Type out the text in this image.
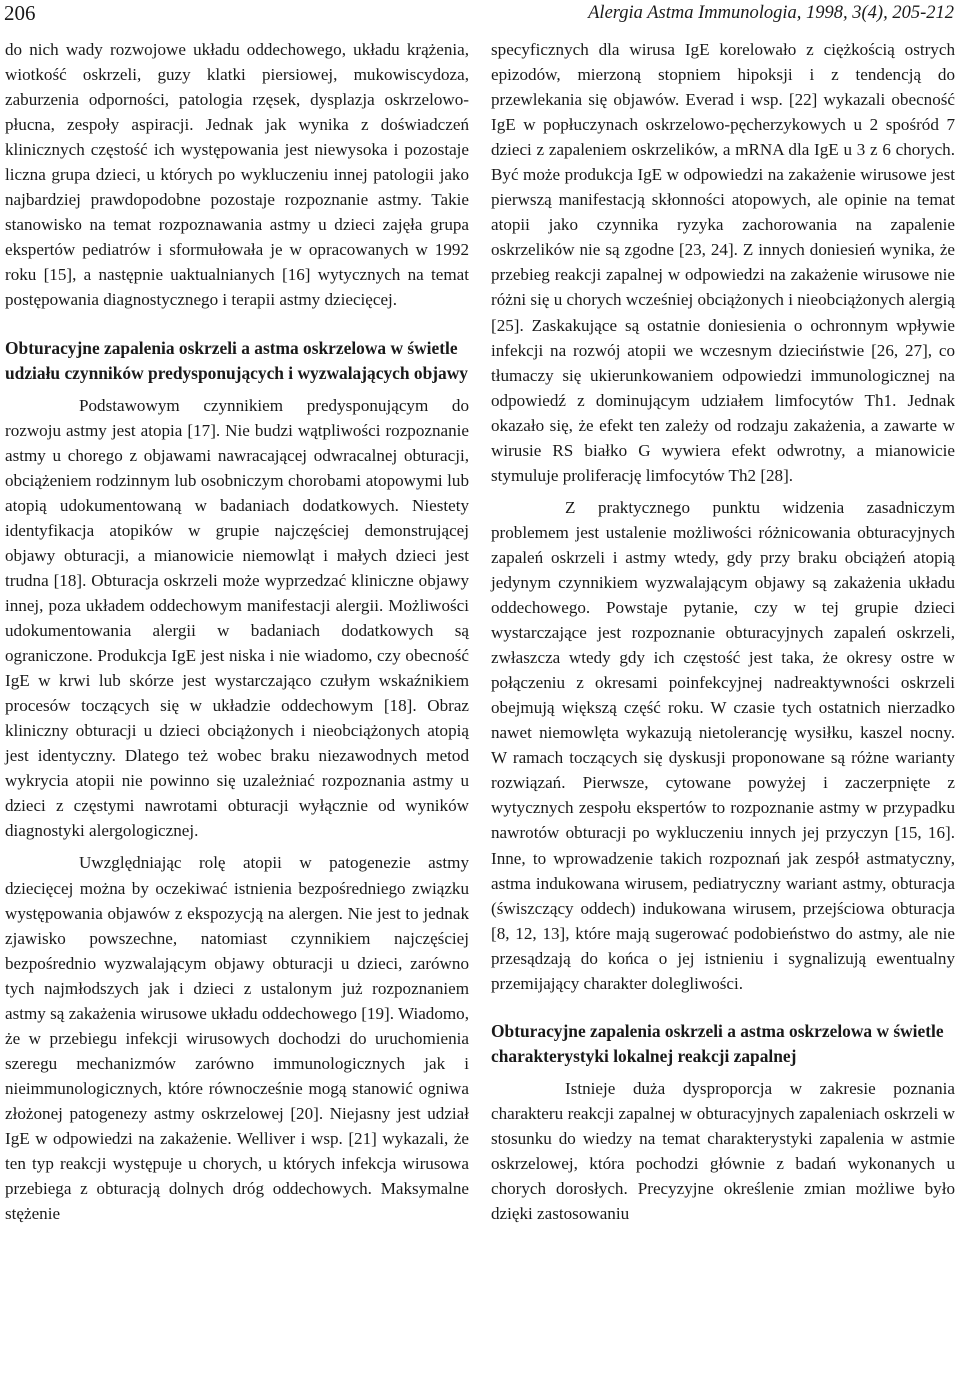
206	Alergia Astma Immunologia, 1998, 3(4), 205-212

do nich wady rozwojowe układu oddechowego, układu krążenia, wiotkość oskrzeli, guzy klatki piersiowej, mukowiscydoza, zaburzenia odporności, patologia rzęsek, dysplazja oskrzelowo-płucna, zespoły aspiracji. Jednak jak wynika z doświadczeń klinicznych częstość ich występowania jest niewysoka i pozostaje liczna grupa dzieci, u których po wykluczeniu innej patologii jako najbardziej prawdopodobne pozostaje rozpoznanie astmy. Takie stanowisko na temat rozpoznawania astmy u dzieci zajęła grupa ekspertów pediatrów i sformułowała je w opracowanych w 1992 roku [15], a następnie uaktualnianych [16] wytycznych na temat postępowania diagnostycznego i terapii astmy dziecięcej.

Obturacyjne zapalenia oskrzeli a astma oskrzelowa w świetle udziału czynników predysponujących i wyzwalających objawy

Podstawowym czynnikiem predysponującym do rozwoju astmy jest atopia [17]. Nie budzi wątpliwości rozpoznanie astmy u chorego z objawami nawracającej odwracalnej obturacji, obciążeniem rodzinnym lub osobniczym chorobami atopowymi lub atopią udokumentowaną w badaniach dodatkowych. Niestety identyfikacja atopików w grupie najczęściej demonstrującej objawy obturacji, a mianowicie niemowląt i małych dzieci jest trudna [18]. Obturacja oskrzeli może wyprzedzać kliniczne objawy innej, poza układem oddechowym manifestacji alergii. Możliwości udokumentowania alergii w badaniach dodatkowych są ograniczone. Produkcja IgE jest niska i nie wiadomo, czy obecność IgE w krwi lub skórze jest wystarczająco czułym wskaźnikiem procesów toczących się w układzie oddechowym [18]. Obraz kliniczny obturacji u dzieci obciążonych i nieobciążonych atopią jest identyczny. Dlatego też wobec braku niezawodnych metod wykrycia atopii nie powinno się uzależniać rozpoznania astmy u dzieci z częstymi nawrotami obturacji wyłącznie od wyników diagnostyki alergologicznej.

Uwzględniając rolę atopii w patogenezie astmy dziecięcej można by oczekiwać istnienia bezpośredniego związku występowania objawów z ekspozycją na alergen. Nie jest to jednak zjawisko powszechne, natomiast czynnikiem najczęściej bezpośrednio wyzwalającym objawy obturacji u dzieci, zarówno tych najmłodszych jak i dzieci z ustalonym już rozpoznaniem astmy są zakażenia wirusowe układu oddechowego [19]. Wiadomo, że w przebiegu infekcji wirusowych dochodzi do uruchomienia szeregu mechanizmów zarówno immunologicznych jak i nieimmunologicznych, które równocześnie mogą stanowić ogniwa złożonej patogenezy astmy oskrzelowej [20]. Niejasny jest udział IgE w odpowiedzi na zakażenie. Welliver i wsp. [21] wykazali, że ten typ reakcji występuje u chorych, u których infekcja wirusowa przebiega z obturacją dolnych dróg oddechowych. Maksymalne stężenie

specyficznych dla wirusa IgE korelowało z ciężkością ostrych epizodów, mierzoną stopniem hipoksji i z tendencją do przewlekania się objawów. Everad i wsp. [22] wykazali obecność IgE w popłuczynach oskrzelowo-pęcherzykowych u 2 spośród 7 dzieci z zapaleniem oskrzelików, a mRNA dla IgE u 3 z 6 chorych. Być może produkcja IgE w odpowiedzi na zakażenie wirusowe jest pierwszą manifestacją skłonności atopowych, ale opinie na temat atopii jako czynnika ryzyka zachorowania na zapalenie oskrzelików nie są zgodne [23, 24]. Z innych doniesień wynika, że przebieg reakcji zapalnej w odpowiedzi na zakażenie wirusowe nie różni się u chorych wcześniej obciążonych i nieobciążonych alergią [25]. Zaskakujące są ostatnie doniesienia o ochronnym wpływie infekcji na rozwój atopii we wczesnym dzieciństwie [26, 27], co tłumaczy się ukierunkowaniem odpowiedzi immunologicznej na odpowiedź z dominującym udziałem limfocytów Th1. Jednak okazało się, że efekt ten zależy od rodzaju zakażenia, a zawarte w wirusie RS białko G wywiera efekt odwrotny, a mianowicie stymuluje proliferację limfocytów Th2 [28].

Z praktycznego punktu widzenia zasadniczym problemem jest ustalenie możliwości różnicowania obturacyjnych zapaleń oskrzeli i astmy wtedy, gdy przy braku obciążeń atopią jedynym czynnikiem wyzwalającym objawy są zakażenia układu oddechowego. Powstaje pytanie, czy w tej grupie dzieci wystarczające jest rozpoznanie obturacyjnych zapaleń oskrzeli, zwłaszcza wtedy gdy ich częstość jest taka, że okresy ostre w połączeniu z okresami poinfekcyjnej nadreaktywności oskrzeli obejmują większą część roku. W czasie tych ostatnich nierzadko nawet niemowlęta wykazują nietolerancję wysiłku, kaszel nocny. W ramach toczących się dyskusji proponowane są różne warianty rozwiązań. Pierwsze, cytowane powyżej i zaczerpnięte z wytycznych zespołu ekspertów to rozpoznanie astmy w przypadku nawrotów obturacji po wykluczeniu innych jej przyczyn [15, 16]. Inne, to wprowadzenie takich rozpoznań jak zespół astmatyczny, astma indukowana wirusem, pediatryczny wariant astmy, obturacja (świszczący oddech) indukowana wirusem, przejściowa obturacja [8, 12, 13], które mają sugerować podobieństwo do astmy, ale nie przesądzają do końca o jej istnieniu i sygnalizują ewentualny przemijający charakter dolegliwości.

Obturacyjne zapalenia oskrzeli a astma oskrzelowa w świetle charakterystyki lokalnej reakcji zapalnej

Istnieje duża dysproporcja w zakresie poznania charakteru reakcji zapalnej w obturacyjnych zapaleniach oskrzeli w stosunku do wiedzy na temat charakterystyki zapalenia w astmie oskrzelowej, która pochodzi głównie z badań wykonanych u chorych dorosłych. Precyzyjne określenie zmian możliwe było dzięki zastosowaniu
